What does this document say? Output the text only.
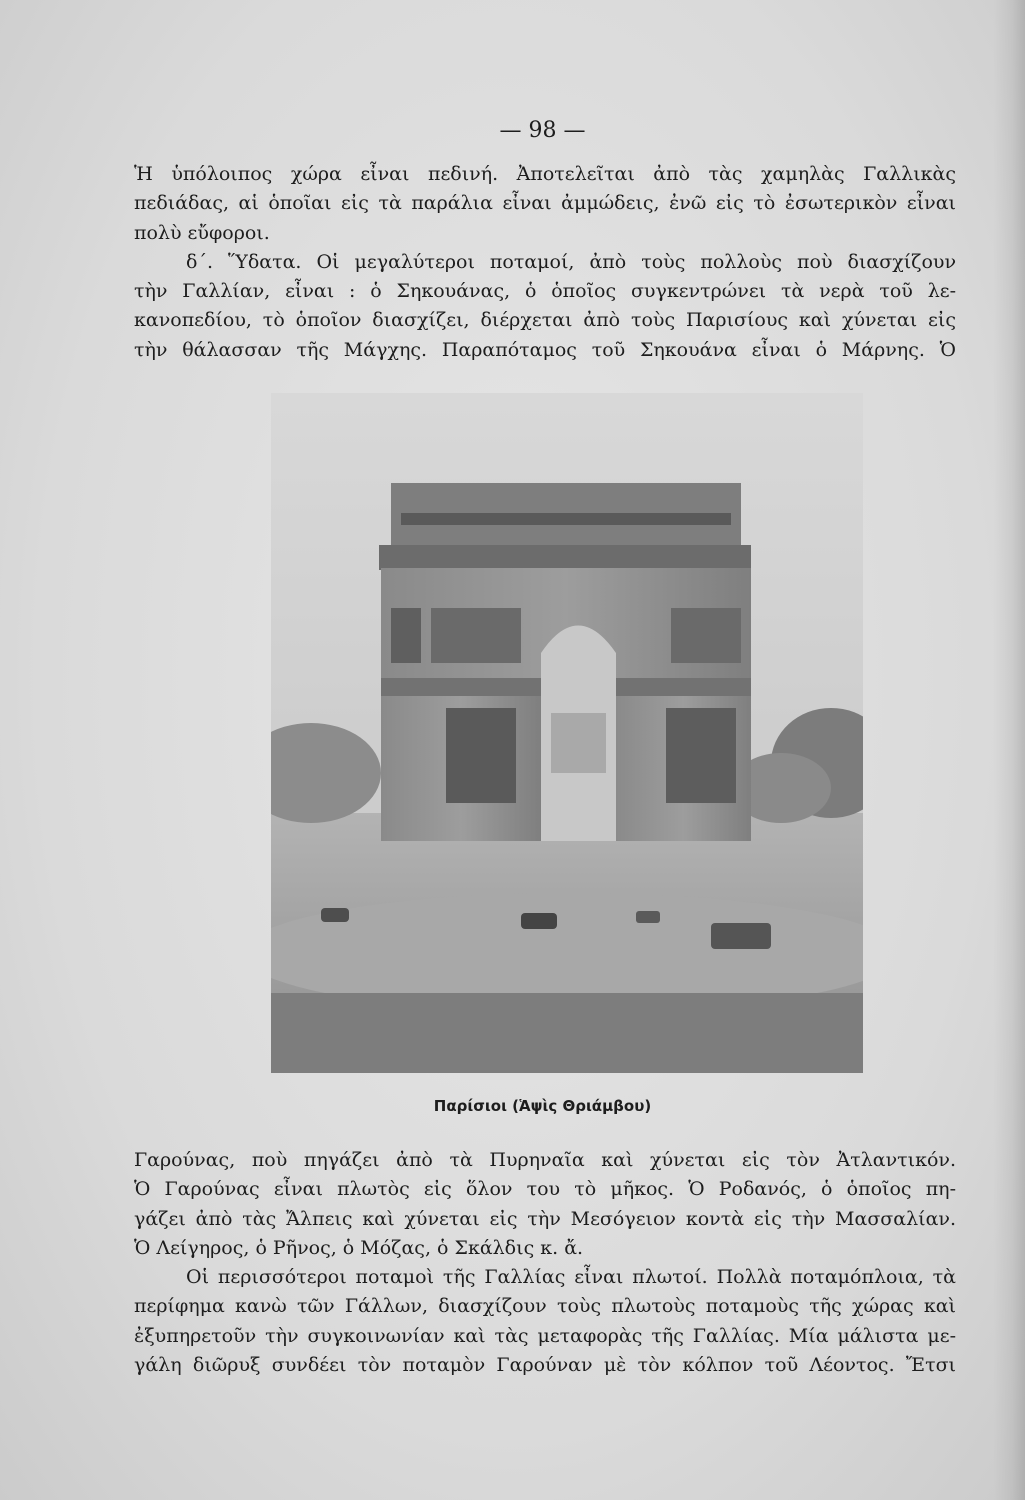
— 98 —
Ἡ ὑπόλοιπος χώρα εἶναι πεδινή. Ἀποτελεῖται ἀπὸ τὰς χαμηλὰς Γαλλικὰς
πεδιάδας, αἱ ὁποῖαι εἰς τὰ παράλια εἶναι ἀμμώδεις, ἐνῶ εἰς τὸ ἐσωτερικὸν εἶναι
πολὺ εὔφοροι.
δ΄. Ὕδατα. Οἱ μεγαλύτεροι ποταμοί, ἀπὸ τοὺς πολλοὺς ποὺ διασχίζουν
τὴν Γαλλίαν, εἶναι : ὁ Σηκουάνας, ὁ ὁποῖος συγκεντρώνει τὰ νερὰ τοῦ λε-
κανοπεδίου, τὸ ὁποῖον διασχίζει, διέρχεται ἀπὸ τοὺς Παρισίους καὶ χύνεται εἰς
τὴν θάλασσαν τῆς Μάγχης. Παραπόταμος τοῦ Σηκουάνα εἶναι ὁ Μάρνης. Ὁ
Παρίσιοι (Ἁψὶς Θριάμβου)
Γαρούνας, ποὺ πηγάζει ἀπὸ τὰ Πυρηναῖα καὶ χύνεται εἰς τὸν Ἀτλαντικόν.
Ὁ Γαρούνας εἶναι πλωτὸς εἰς ὅλον του τὸ μῆκος. Ὁ Ροδανός, ὁ ὁποῖος πη-
γάζει ἀπὸ τὰς Ἄλπεις καὶ χύνεται εἰς τὴν Μεσόγειον κοντὰ εἰς τὴν Μασσαλίαν.
Ὁ Λείγηρος, ὁ Ρῆνος, ὁ Μόζας, ὁ Σκάλδις κ. ἄ.
Οἱ περισσότεροι ποταμοὶ τῆς Γαλλίας εἶναι πλωτοί. Πολλὰ ποταμόπλοια, τὰ
περίφημα κανὼ τῶν Γάλλων, διασχίζουν τοὺς πλωτοὺς ποταμοὺς τῆς χώρας καὶ
ἐξυπηρετοῦν τὴν συγκοινωνίαν καὶ τὰς μεταφορὰς τῆς Γαλλίας. Μία μάλιστα με-
γάλη διῶρυξ συνδέει τὸν ποταμὸν Γαρούναν μὲ τὸν κόλπον τοῦ Λέοντος. Ἔτσι
